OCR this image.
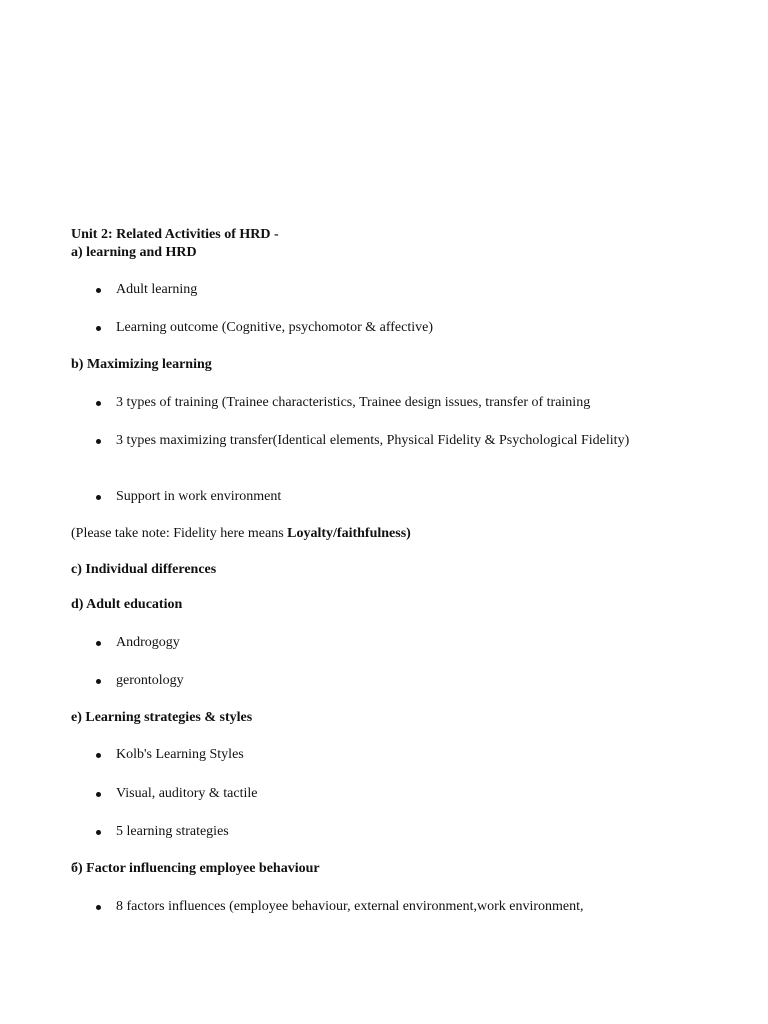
Unit 2: Related Activities of HRD -
a) learning and HRD
Adult learning
Learning outcome (Cognitive, psychomotor & affective)
b) Maximizing learning
3 types of training (Trainee characteristics, Trainee design issues, transfer of training
3 types maximizing transfer(Identical elements, Physical Fidelity & Psychological Fidelity)
Support in work environment
(Please take note: Fidelity here means Loyalty/faithfulness)
c) Individual differences
d) Adult education
Androgogy
gerontology
e) Learning strategies & styles
Kolb's Learning Styles
Visual, auditory & tactile
5 learning strategies
б) Factor influencing employee behaviour
8 factors influences (employee behaviour, external environment,work environment,
